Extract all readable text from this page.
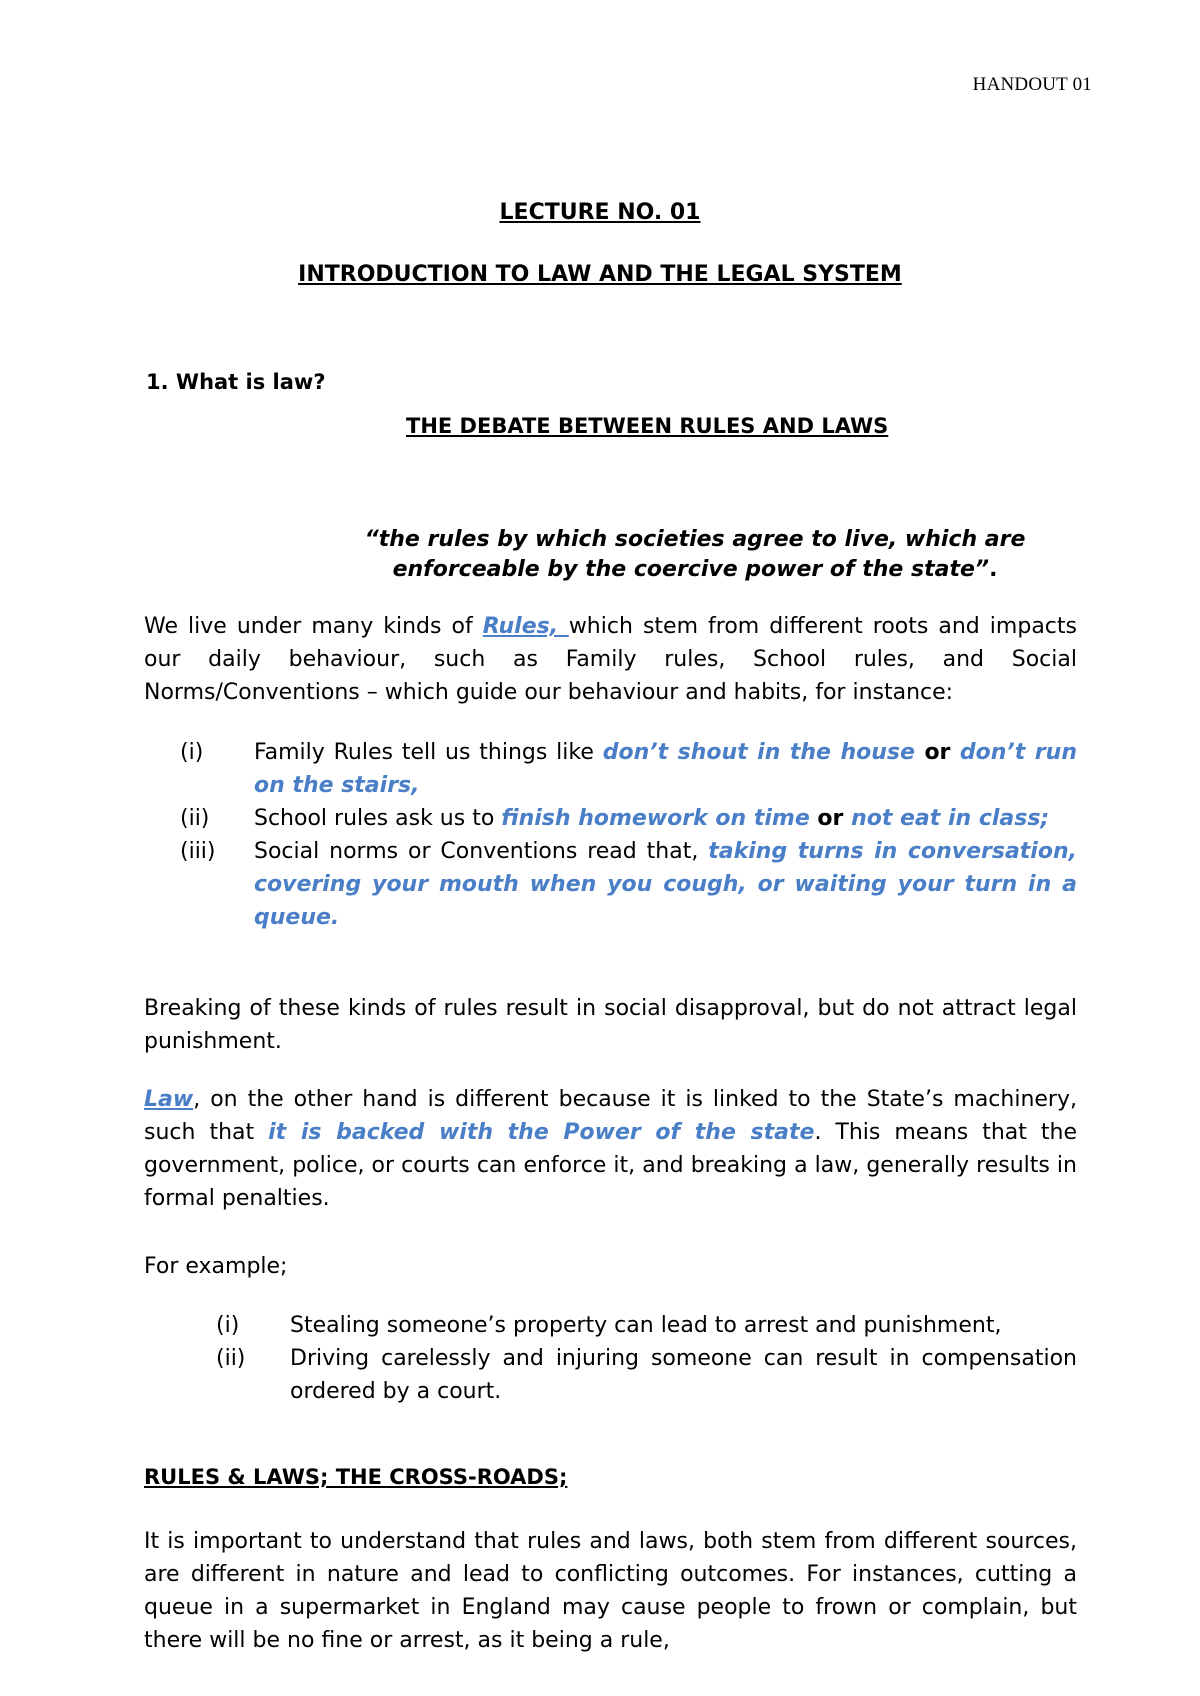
HANDOUT 01
LECTURE NO. 01
INTRODUCTION TO LAW AND THE LEGAL SYSTEM
1. What is law?
THE DEBATE BETWEEN RULES AND LAWS
“the rules by which societies agree to live, which are enforceable by the coercive power of the state”.
We live under many kinds of Rules, which stem from different roots and impacts our daily behaviour, such as Family rules, School rules, and Social Norms/Conventions – which guide our behaviour and habits, for instance:
(i) Family Rules tell us things like don’t shout in the house or don’t run on the stairs,
(ii) School rules ask us to finish homework on time or not eat in class;
(iii) Social norms or Conventions read that, taking turns in conversation, covering your mouth when you cough, or waiting your turn in a queue.
Breaking of these kinds of rules result in social disapproval, but do not attract legal punishment.
Law, on the other hand is different because it is linked to the State’s machinery, such that it is backed with the Power of the state. This means that the government, police, or courts can enforce it, and breaking a law, generally results in formal penalties.
For example;
(i) Stealing someone’s property can lead to arrest and punishment,
(ii) Driving carelessly and injuring someone can result in compensation ordered by a court.
RULES & LAWS; THE CROSS-ROADS;
It is important to understand that rules and laws, both stem from different sources, are different in nature and lead to conflicting outcomes. For instances, cutting a queue in a supermarket in England may cause people to frown or complain, but there will be no fine or arrest, as it being a rule,
